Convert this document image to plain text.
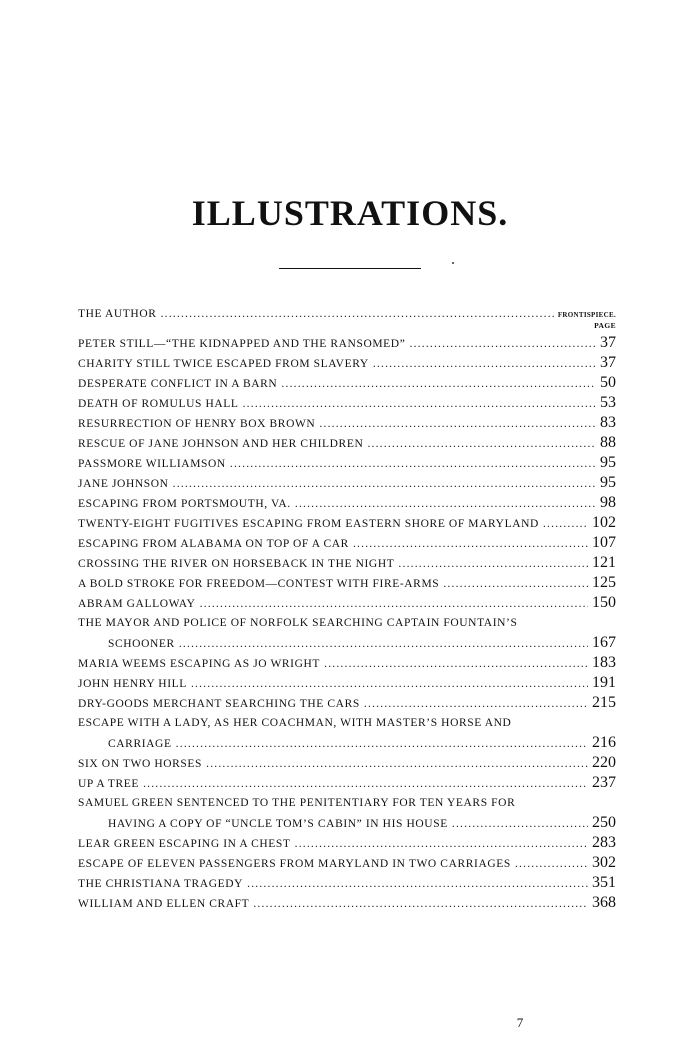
ILLUSTRATIONS.
THE AUTHOR .....	FRONTISPIECE.
PAGE
PETER STILL—“THE KIDNAPPED AND THE RANSOMED” .....	37
CHARITY STILL TWICE ESCAPED FROM SLAVERY .....	37
DESPERATE CONFLICT IN A BARN .....	50
DEATH OF ROMULUS HALL .....	53
RESURRECTION OF HENRY BOX BROWN .....	83
RESCUE OF JANE JOHNSON AND HER CHILDREN .....	88
PASSMORE WILLIAMSON .....	95
JANE JOHNSON .....	95
ESCAPING FROM PORTSMOUTH, VA. .....	98
TWENTY-EIGHT FUGITIVES ESCAPING FROM EASTERN SHORE OF MARYLAND .....	102
ESCAPING FROM ALABAMA ON TOP OF A CAR .....	107
CROSSING THE RIVER ON HORSEBACK IN THE NIGHT .....	121
A BOLD STROKE FOR FREEDOM—CONTEST WITH FIRE-ARMS .....	125
ABRAM GALLOWAY .....	150
THE MAYOR AND POLICE OF NORFOLK SEARCHING CAPTAIN FOUNTAIN’S
SCHOONER .....	167
MARIA WEEMS ESCAPING AS JO WRIGHT .....	183
JOHN HENRY HILL .....	191
DRY-GOODS MERCHANT SEARCHING THE CARS .....	215
ESCAPE WITH A LADY, AS HER COACHMAN, WITH MASTER’S HORSE AND
CARRIAGE .....	216
SIX ON TWO HORSES .....	220
UP A TREE .....	237
SAMUEL GREEN SENTENCED TO THE PENITENTIARY FOR TEN YEARS FOR
HAVING A COPY OF “UNCLE TOM’S CABIN” IN HIS HOUSE .....	250
LEAR GREEN ESCAPING IN A CHEST .....	283
ESCAPE OF ELEVEN PASSENGERS FROM MARYLAND IN TWO CARRIAGES .....	302
THE CHRISTIANA TRAGEDY .....	351
WILLIAM AND ELLEN CRAFT .....	368
7
